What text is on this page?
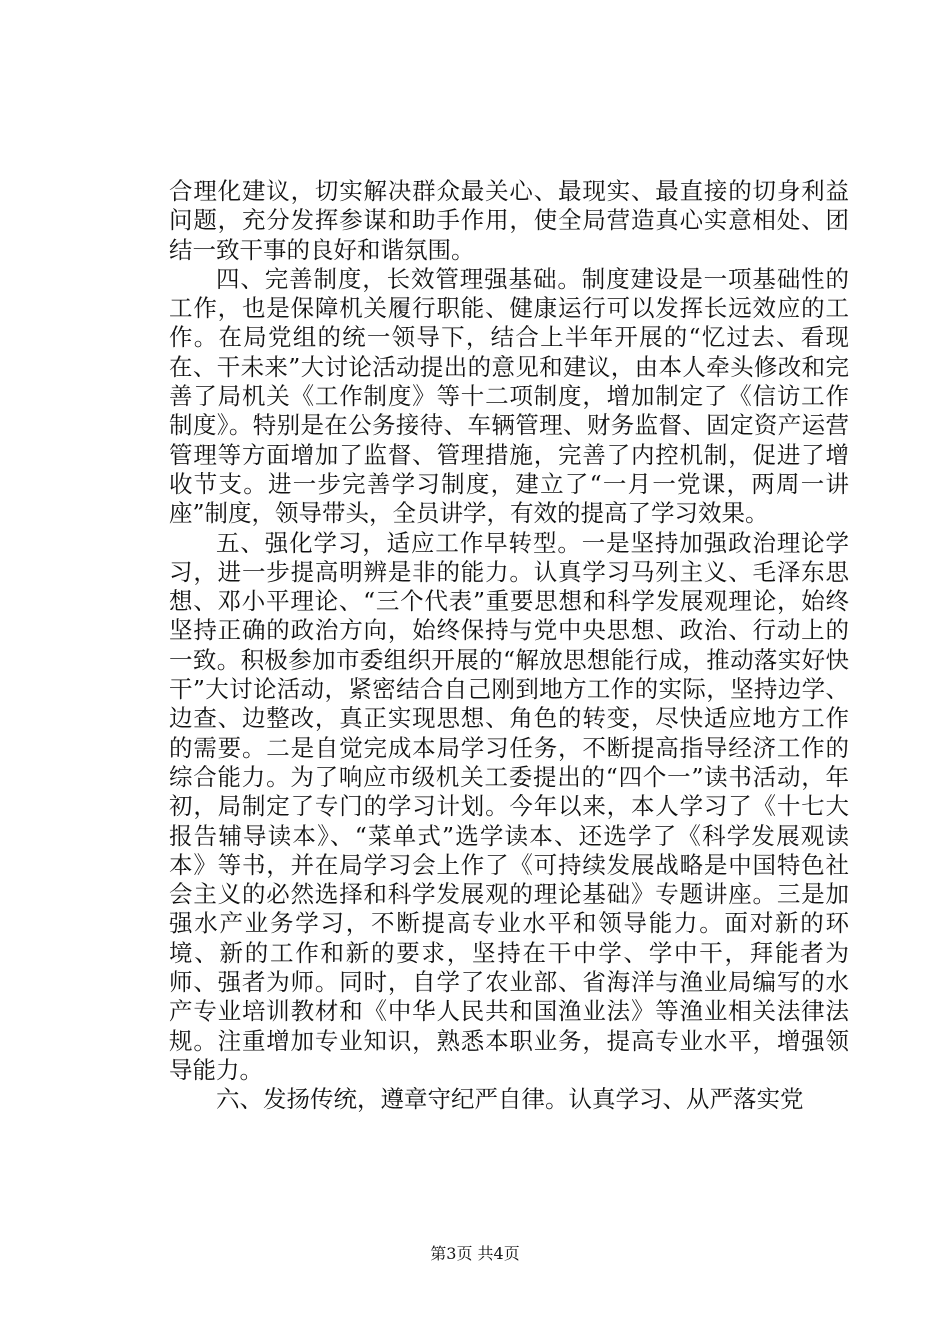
合理化建议，切实解决群众最关心、最现实、最直接的切身利益问题，充分发挥参谋和助手作用，使全局营造真心实意相处、团结一致干事的良好和谐氛围。

四、完善制度，长效管理强基础。制度建设是一项基础性的工作，也是保障机关履行职能、健康运行可以发挥长远效应的工作。在局党组的统一领导下，结合上半年开展的“忆过去、看现在、干未来”大讨论活动提出的意见和建议，由本人牵头修改和完善了局机关《工作制度》等十二项制度，增加制定了《信访工作制度》。特别是在公务接待、车辆管理、财务监督、固定资产运营管理等方面增加了监督、管理措施，完善了内控机制，促进了增收节支。进一步完善学习制度，建立了“一月一党课，两周一讲座”制度，领导带头，全员讲学，有效的提高了学习效果。

五、强化学习，适应工作早转型。一是坚持加强政治理论学习，进一步提高明辨是非的能力。认真学习马列主义、毛泽东思想、邓小平理论、“三个代表”重要思想和科学发展观理论，始终坚持正确的政治方向，始终保持与党中央思想、政治、行动上的一致。积极参加市委组织开展的“解放思想能行成，推动落实好快干”大讨论活动，紧密结合自己刚到地方工作的实际，坚持边学、边查、边整改，真正实现思想、角色的转变，尽快适应地方工作的需要。二是自觉完成本局学习任务，不断提高指导经济工作的综合能力。为了响应市级机关工委提出的“四个一”读书活动，年初，局制定了专门的学习计划。今年以来，本人学习了《十七大报告辅导读本》、“菜单式”选学读本、还选学了《科学发展观读本》等书，并在局学习会上作了《可持续发展战略是中国特色社会主义的必然选择和科学发展观的理论基础》专题讲座。三是加强水产业务学习，不断提高专业水平和领导能力。面对新的环境、新的工作和新的要求，坚持在干中学、学中干，拜能者为师、强者为师。同时，自学了农业部、省海洋与渔业局编写的水产专业培训教材和《中华人民共和国渔业法》等渔业相关法律法规。注重增加专业知识，熟悉本职业务，提高专业水平，增强领导能力。

六、发扬传统，遵章守纪严自律。认真学习、从严落实党

第3页 共4页
